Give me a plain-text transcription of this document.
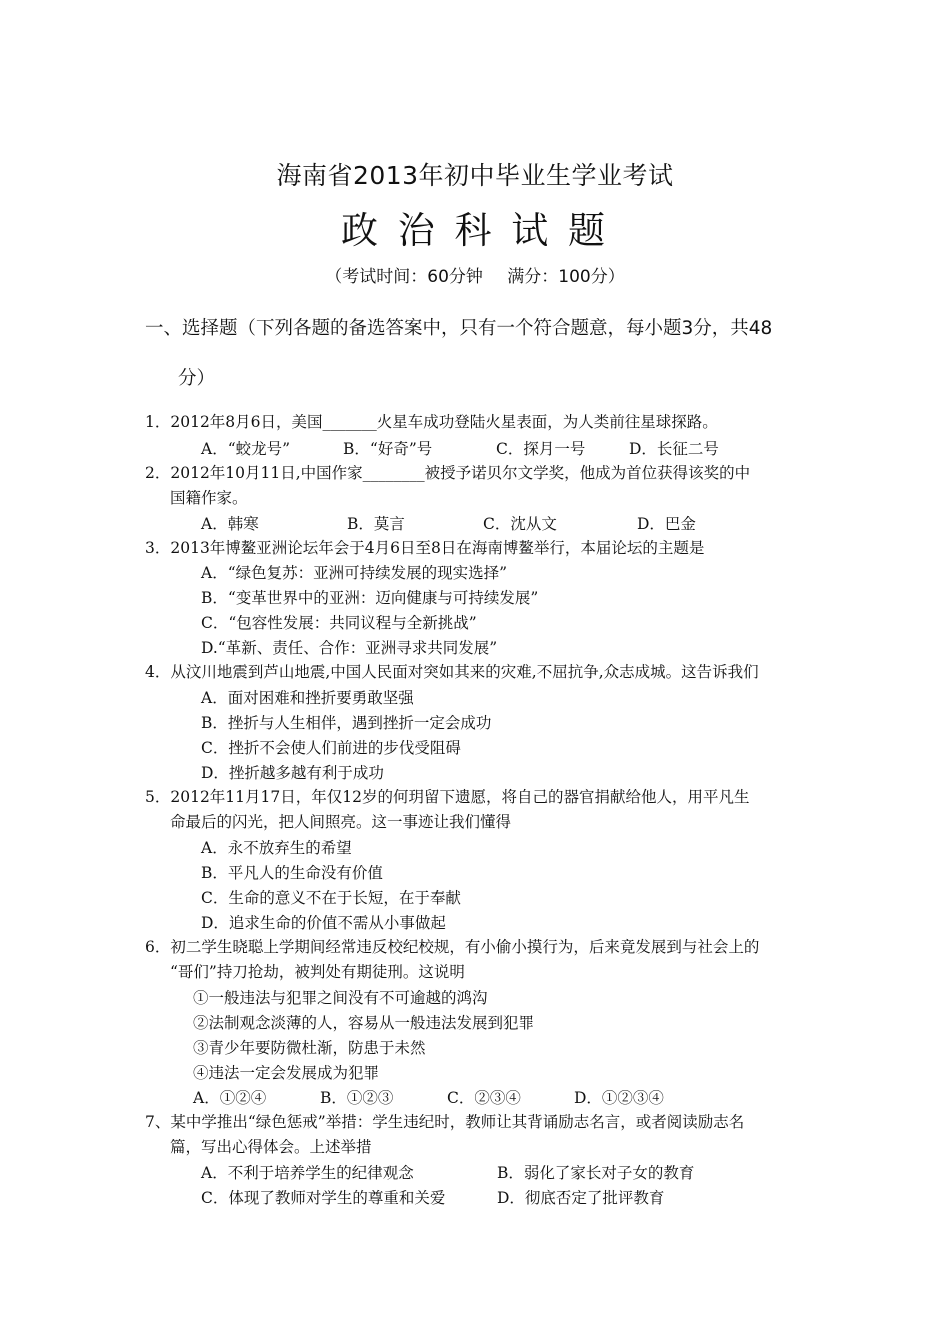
海南省2013年初中毕业生学业考试
政 治 科 试 题
（考试时间：60分钟　 满分：100分）
一、选择题（下列各题的备选答案中，只有一个符合题意，每小题3分，共48
分）
1．2012年8月6日，美国_______火星车成功登陆火星表面，为人类前往星球探路。
A．“蛟龙号”	B．“好奇”号	C．探月一号	D．长征二号
2．2012年10月11日,中国作家________被授予诺贝尔文学奖，他成为首位获得该奖的中
国籍作家。
A．韩寒	B．莫言	C．沈从文	D．巴金
3．2013年博鳌亚洲论坛年会于4月6日至8日在海南博鳌举行，本届论坛的主题是
A．“绿色复苏：亚洲可持续发展的现实选择”
B．“变革世界中的亚洲：迈向健康与可持续发展”
C．“包容性发展：共同议程与全新挑战”
D.“革新、责任、合作：亚洲寻求共同发展”
4．从汶川地震到芦山地震,中国人民面对突如其来的灾难,不屈抗争,众志成城。这告诉我们
A．面对困难和挫折要勇敢坚强
B．挫折与人生相伴，遇到挫折一定会成功
C．挫折不会使人们前进的步伐受阻碍
D．挫折越多越有利于成功
5．2012年11月17日，年仅12岁的何玥留下遗愿，将自己的器官捐献给他人，用平凡生
命最后的闪光，把人间照亮。这一事迹让我们懂得
A．永不放弃生的希望
B．平凡人的生命没有价值
C．生命的意义不在于长短，在于奉献
D．追求生命的价值不需从小事做起
6．初二学生晓聪上学期间经常违反校纪校规，有小偷小摸行为，后来竟发展到与社会上的
“哥们”持刀抢劫，被判处有期徒刑。这说明
①一般违法与犯罪之间没有不可逾越的鸿沟
②法制观念淡薄的人，容易从一般违法发展到犯罪
③青少年要防微杜渐，防患于未然
④违法一定会发展成为犯罪
A．①②④	B．①②③	C．②③④	D．①②③④
7、某中学推出“绿色惩戒”举措：学生违纪时，教师让其背诵励志名言，或者阅读励志名
篇，写出心得体会。上述举措
A．不利于培养学生的纪律观念	B．弱化了家长对子女的教育
C．体现了教师对学生的尊重和关爱	D．彻底否定了批评教育
